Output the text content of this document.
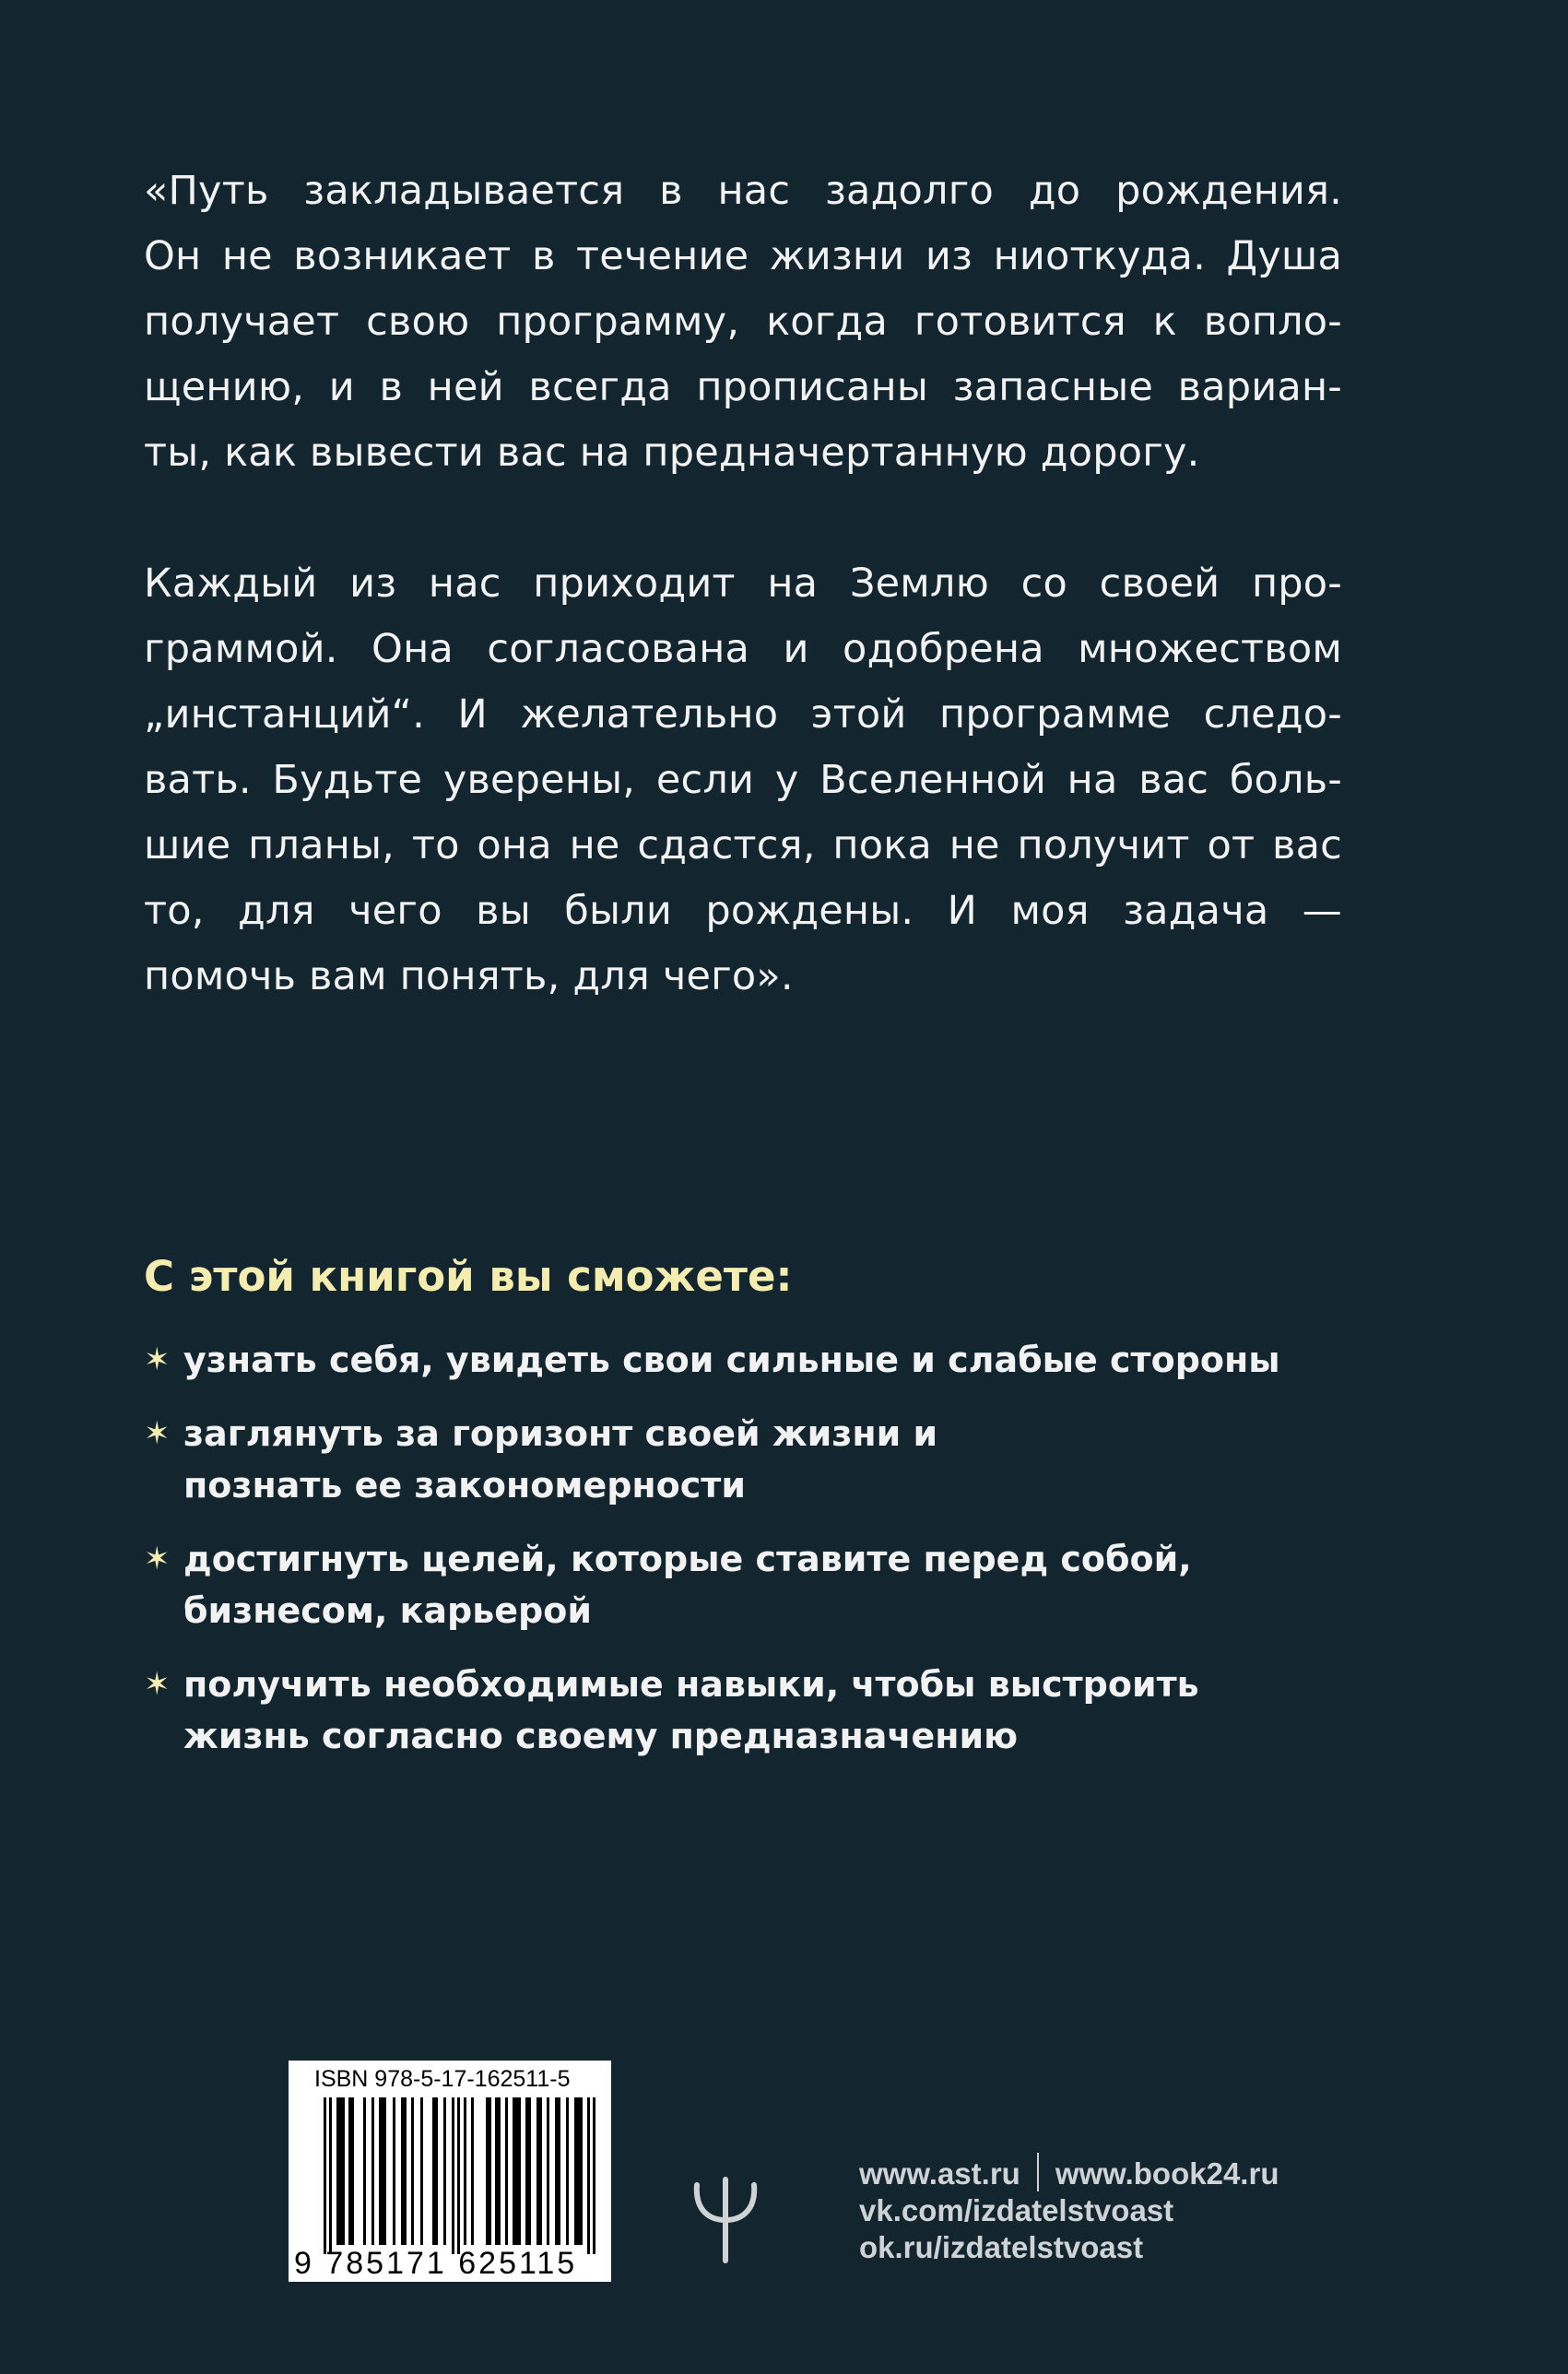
«Путь закладывается в нас задолго до рождения.
Он не возникает в течение жизни из ниоткуда. Душа
получает свою программу, когда готовится к вопло-
щению, и в ней всегда прописаны запасные вариан-
ты, как вывести вас на предначертанную дорогу.

Каждый из нас приходит на Землю со своей про-
граммой. Она согласована и одобрена множеством
„инстанций“. И желательно этой программе следо-
вать. Будьте уверены, если у Вселенной на вас боль-
шие планы, то она не сдастся, пока не получит от вас
то, для чего вы были рождены. И моя задача —
помочь вам понять, для чего».

С этой книгой вы сможете:
✶ узнать себя, увидеть свои сильные и слабые стороны
✶ заглянуть за горизонт своей жизни и познать ее закономерности
✶ достигнуть целей, которые ставите перед собой, бизнесом, карьерой
✶ получить необходимые навыки, чтобы выстроить жизнь согласно своему предназначению
ISBN 978-5-17-162511-5
9 785171 625115
www.ast.ru www.book24.ru
vk.com/izdatelstvoast
ok.ru/izdatelstvoast
